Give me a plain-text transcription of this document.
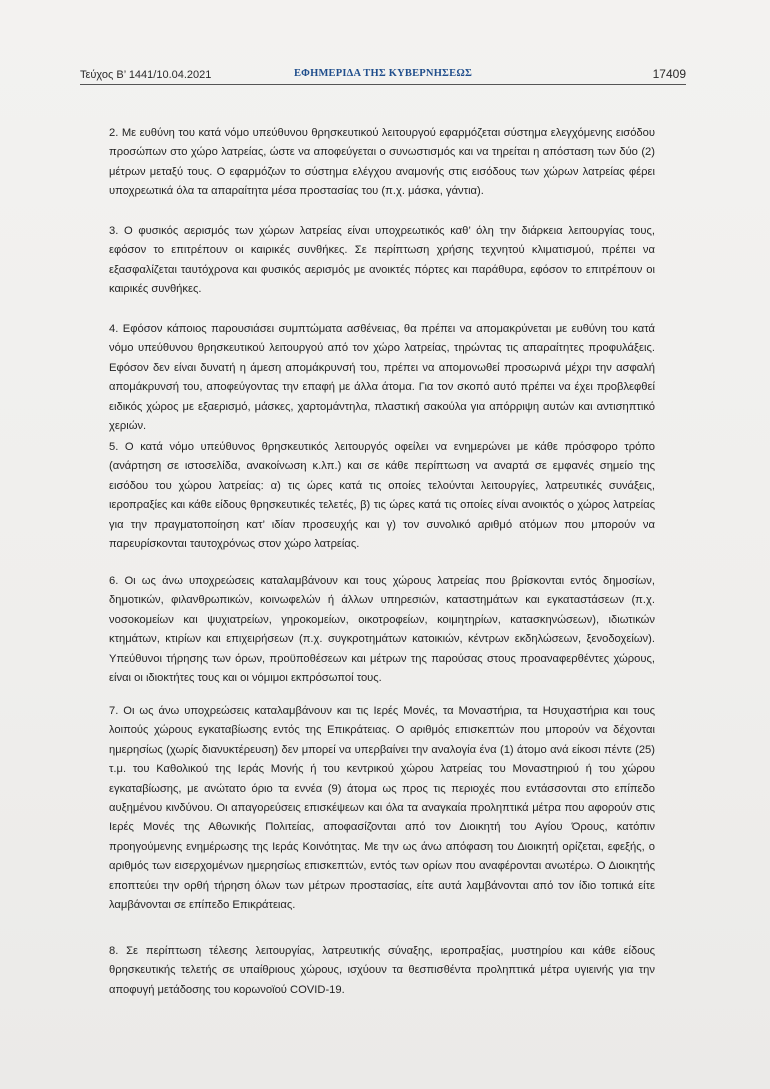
Τεύχος Β’ 1441/10.04.2021	ΕΦΗΜΕΡΙΔΑ ΤΗΣ ΚΥΒΕΡΝΗΣΕΩΣ	17409

2. Με ευθύνη του κατά νόμο υπεύθυνου θρησκευτικού λειτουργού εφαρμόζεται σύστημα ελεγχόμενης εισόδου προσώπων στο χώρο λατρείας, ώστε να αποφεύγεται ο συνωστισμός και να τηρείται η απόσταση των δύο (2) μέτρων μεταξύ τους. Ο εφαρμόζων το σύστημα ελέγχου αναμονής στις εισόδους των χώρων λατρείας φέρει υποχρεωτικά όλα τα απαραίτητα μέσα προστασίας του (π.χ. μάσκα, γάντια).

3. Ο φυσικός αερισμός των χώρων λατρείας είναι υποχρεωτικός καθ’ όλη την διάρκεια λειτουργίας τους, εφόσον το επιτρέπουν οι καιρικές συνθήκες. Σε περίπτωση χρήσης τεχνητού κλιματισμού, πρέπει να εξασφαλίζεται ταυτόχρονα και φυσικός αερισμός με ανοικτές πόρτες και παράθυρα, εφόσον το επιτρέπουν οι καιρικές συνθήκες.

4. Εφόσον κάποιος παρουσιάσει συμπτώματα ασθένειας, θα πρέπει να απομακρύνεται με ευθύνη του κατά νόμο υπεύθυνου θρησκευτικού λειτουργού από τον χώρο λατρείας, τηρώντας τις απαραίτητες προφυλάξεις. Εφόσον δεν είναι δυνατή η άμεση απομάκρυνσή του, πρέπει να απομονωθεί προσωρινά μέχρι την ασφαλή απομάκρυνσή του, αποφεύγοντας την επαφή με άλλα άτομα. Για τον σκοπό αυτό πρέπει να έχει προβλεφθεί ειδικός χώρος με εξαερισμό, μάσκες, χαρτομάντηλα, πλαστική σακούλα για απόρριψη αυτών και αντισηπτικό χεριών.

5. Ο κατά νόμο υπεύθυνος θρησκευτικός λειτουργός οφείλει να ενημερώνει με κάθε πρόσφορο τρόπο (ανάρτηση σε ιστοσελίδα, ανακοίνωση κ.λπ.) και σε κάθε περίπτωση να αναρτά σε εμφανές σημείο της εισόδου του χώρου λατρείας: α) τις ώρες κατά τις οποίες τελούνται λειτουργίες, λατρευτικές συνάξεις, ιεροπραξίες και κάθε είδους θρησκευτικές τελετές, β) τις ώρες κατά τις οποίες είναι ανοικτός ο χώρος λατρείας για την πραγματοποίηση κατ’ ιδίαν προσευχής και γ) τον συνολικό αριθμό ατόμων που μπορούν να παρευρίσκονται ταυτοχρόνως στον χώρο λατρείας.

6. Οι ως άνω υποχρεώσεις καταλαμβάνουν και τους χώρους λατρείας που βρίσκονται εντός δημοσίων, δημοτικών, φιλανθρωπικών, κοινωφελών ή άλλων υπηρεσιών, καταστημάτων και εγκαταστάσεων (π.χ. νοσοκομείων και ψυχιατρείων, γηροκομείων, οικοτροφείων, κοιμητηρίων, κατασκηνώσεων), ιδιωτικών κτημάτων, κτιρίων και επιχειρήσεων (π.χ. συγκροτημάτων κατοικιών, κέντρων εκδηλώσεων, ξενοδοχείων). Υπεύθυνοι τήρησης των όρων, προϋποθέσεων και μέτρων της παρούσας στους προαναφερθέντες χώρους, είναι οι ιδιοκτήτες τους και οι νόμιμοι εκπρόσωποί τους.

7. Οι ως άνω υποχρεώσεις καταλαμβάνουν και τις Ιερές Μονές, τα Μοναστήρια, τα Ησυχαστήρια και τους λοιπούς χώρους εγκαταβίωσης εντός της Επικράτειας. Ο αριθμός επισκεπτών που μπορούν να δέχονται ημερησίως (χωρίς διανυκτέρευση) δεν μπορεί να υπερβαίνει την αναλογία ένα (1) άτομο ανά είκοσι πέντε (25) τ.μ. του Καθολικού της Ιεράς Μονής ή του κεντρικού χώρου λατρείας του Μοναστηριού ή του χώρου εγκαταβίωσης, με ανώτατο όριο τα εννέα (9) άτομα ως προς τις περιοχές που εντάσσονται στο επίπεδο αυξημένου κινδύνου. Οι απαγορεύσεις επισκέψεων και όλα τα αναγκαία προληπτικά μέτρα που αφορούν στις Ιερές Μονές της Αθωνικής Πολιτείας, αποφασίζονται από τον Διοικητή του Αγίου Όρους, κατόπιν προηγούμενης ενημέρωσης της Ιεράς Κοινότητας. Με την ως άνω απόφαση του Διοικητή ορίζεται, εφεξής, ο αριθμός των εισερχομένων ημερησίως επισκεπτών, εντός των ορίων που αναφέρονται ανωτέρω. Ο Διοικητής εποπτεύει την ορθή τήρηση όλων των μέτρων προστασίας, είτε αυτά λαμβάνονται από τον ίδιο τοπικά είτε λαμβάνονται σε επίπεδο Επικράτειας.

8. Σε περίπτωση τέλεσης λειτουργίας, λατρευτικής σύναξης, ιεροπραξίας, μυστηρίου και κάθε είδους θρησκευτικής τελετής σε υπαίθριους χώρους, ισχύουν τα θεσπισθέντα προληπτικά μέτρα υγιεινής για την αποφυγή μετάδοσης του κορωνοϊού COVID-19.
